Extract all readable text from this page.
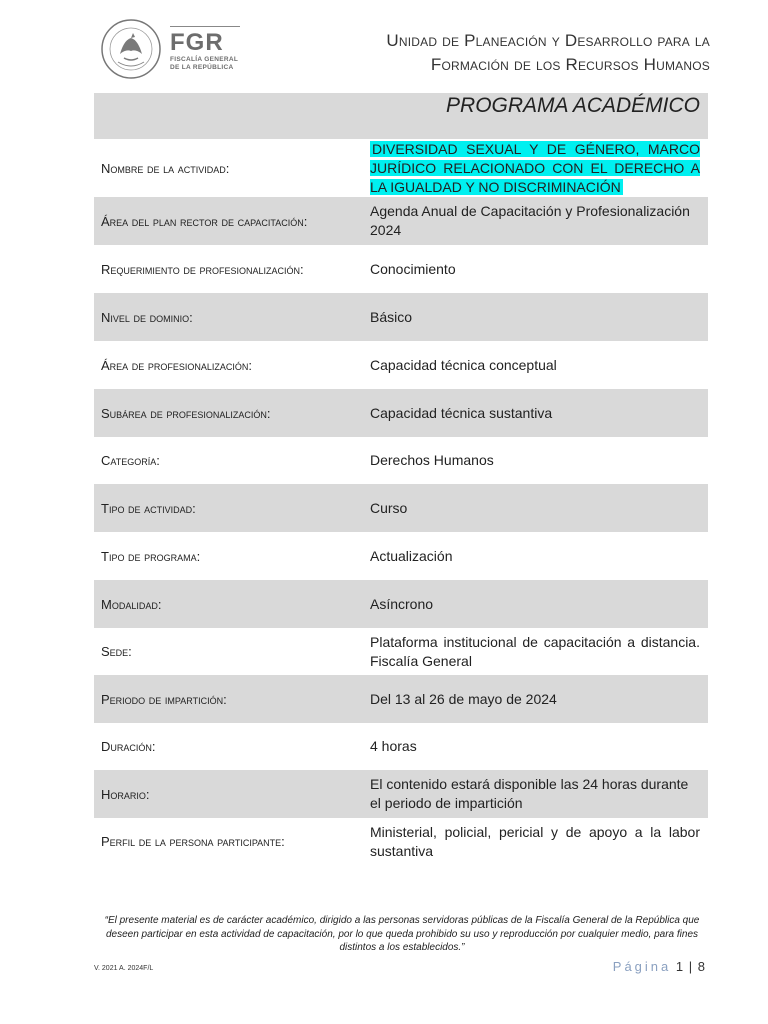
FGR
FISCALÍA GENERAL
DE LA REPÚBLICA
Unidad de Planeación y Desarrollo para la
Formación de los Recursos Humanos
PROGRAMA ACADÉMICO
Nombre de la actividad:
DIVERSIDAD SEXUAL Y DE GÉNERO, MARCO JURÍDICO RELACIONADO CON EL DERECHO A LA IGUALDAD Y NO DISCRIMINACIÓN
Área del plan rector de capacitación:
Agenda Anual de Capacitación y Profesionalización 2024
Requerimiento de profesionalización:	Conocimiento
Nivel de dominio:	Básico
Área de profesionalización:	Capacidad técnica conceptual
Subárea de profesionalización:	Capacidad técnica sustantiva
Categoría:	Derechos Humanos
Tipo de actividad:	Curso
Tipo de programa:	Actualización
Modalidad:	Asíncrono
Sede:
Plataforma institucional de capacitación a distancia. Fiscalía General
Periodo de impartición:	Del 13 al 26 de mayo de 2024
Duración:	4 horas
Horario:
El contenido estará disponible las 24 horas durante el periodo de impartición
Perfil de la persona participante:
Ministerial, policial, pericial y de apoyo a la labor sustantiva
“El presente material es de carácter académico, dirigido a las personas servidoras públicas de la Fiscalía General de la República que deseen participar en esta actividad de capacitación, por lo que queda prohibido su uso y reproducción por cualquier medio, para fines distintos a los establecidos.”
V. 2021 A. 2024F/L	Página 1 | 8
